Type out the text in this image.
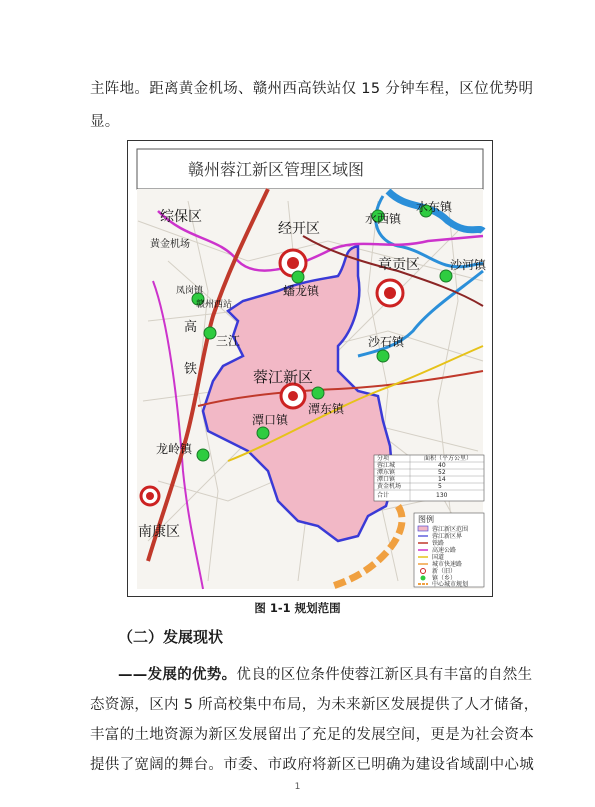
主阵地。距离黄金机场、赣州西高铁站仅 15 分钟车程，区位优势明
显。
赣州蓉江新区管理区域图
综保区
黄金机场
经开区
水西镇
水东镇
章贡区	沙河镇
蟠龙镇
凤岗镇
赣州西站
三江	沙石镇
蓉江新区
潭东镇
潭口镇
龙岭镇
南康区
高
铁
分项	面积（平方公里）
蓉江城	40
潭东镇	52
潭口镇	14
黄金机场	5
合计	130
图例
蓉江新区范围
蓉江新区界
铁路
高速公路
国道
城市快速路
新（旧）
镇（乡）
中心城市规划
图 1-1 规划范围
（二）发展现状
——发展的优势。优良的区位条件使蓉江新区具有丰富的自然生
态资源，区内 5 所高校集中布局，为未来新区发展提供了人才储备，
丰富的土地资源为新区发展留出了充足的发展空间，更是为社会资本
提供了宽阔的舞台。市委、市政府将新区已明确为建设省域副中心城
1
